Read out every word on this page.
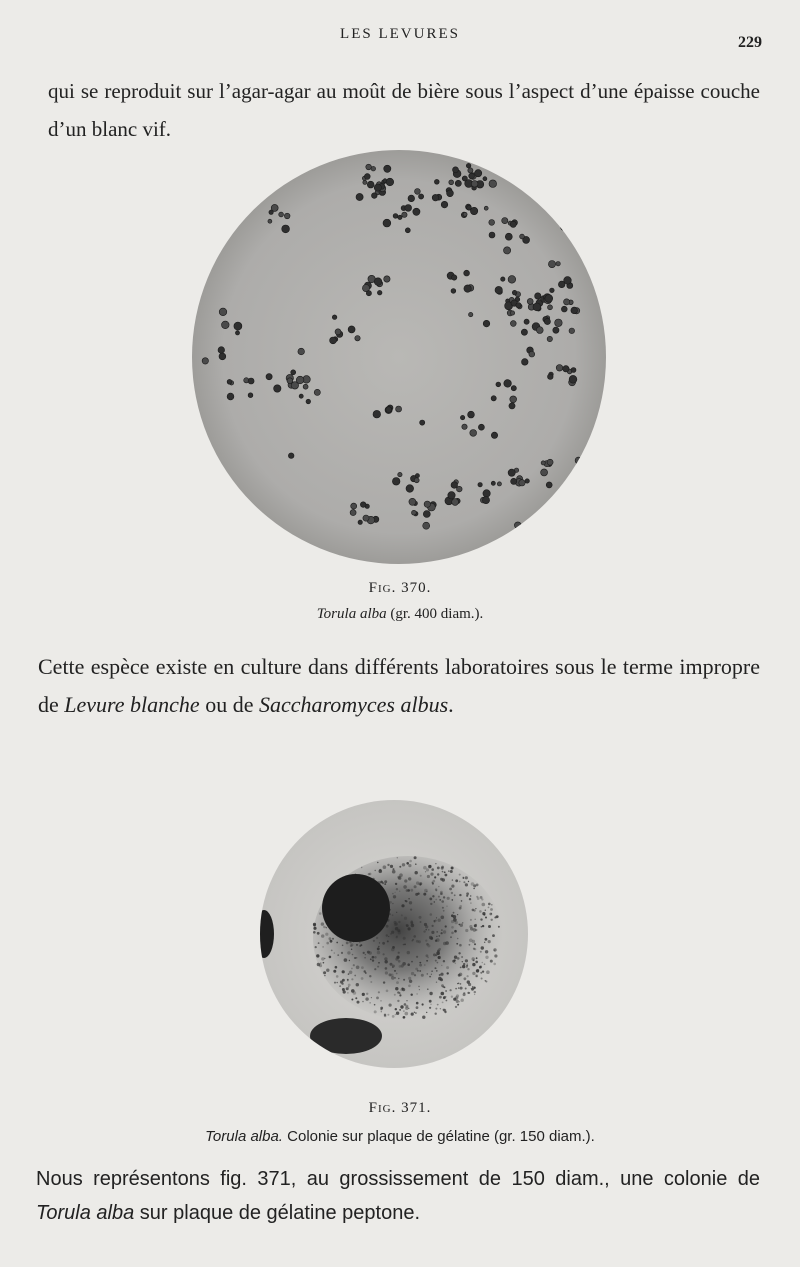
LES LEVURES	229
qui se reproduit sur l’agar-agar au moût de bière sous l’aspect d’une épaisse couche d’un blanc vif.
Fig. 370.
Torula alba (gr. 400 diam.).
Cette espèce existe en culture dans différents laboratoires sous le terme impropre de Levure blanche ou de Saccharomyces albus.
Fig. 371.
Torula alba. Colonie sur plaque de gélatine (gr. 150 diam.).
Nous représentons fig. 371, au grossissement de 150 diam., une colonie de Torula alba sur plaque de gélatine peptone.
